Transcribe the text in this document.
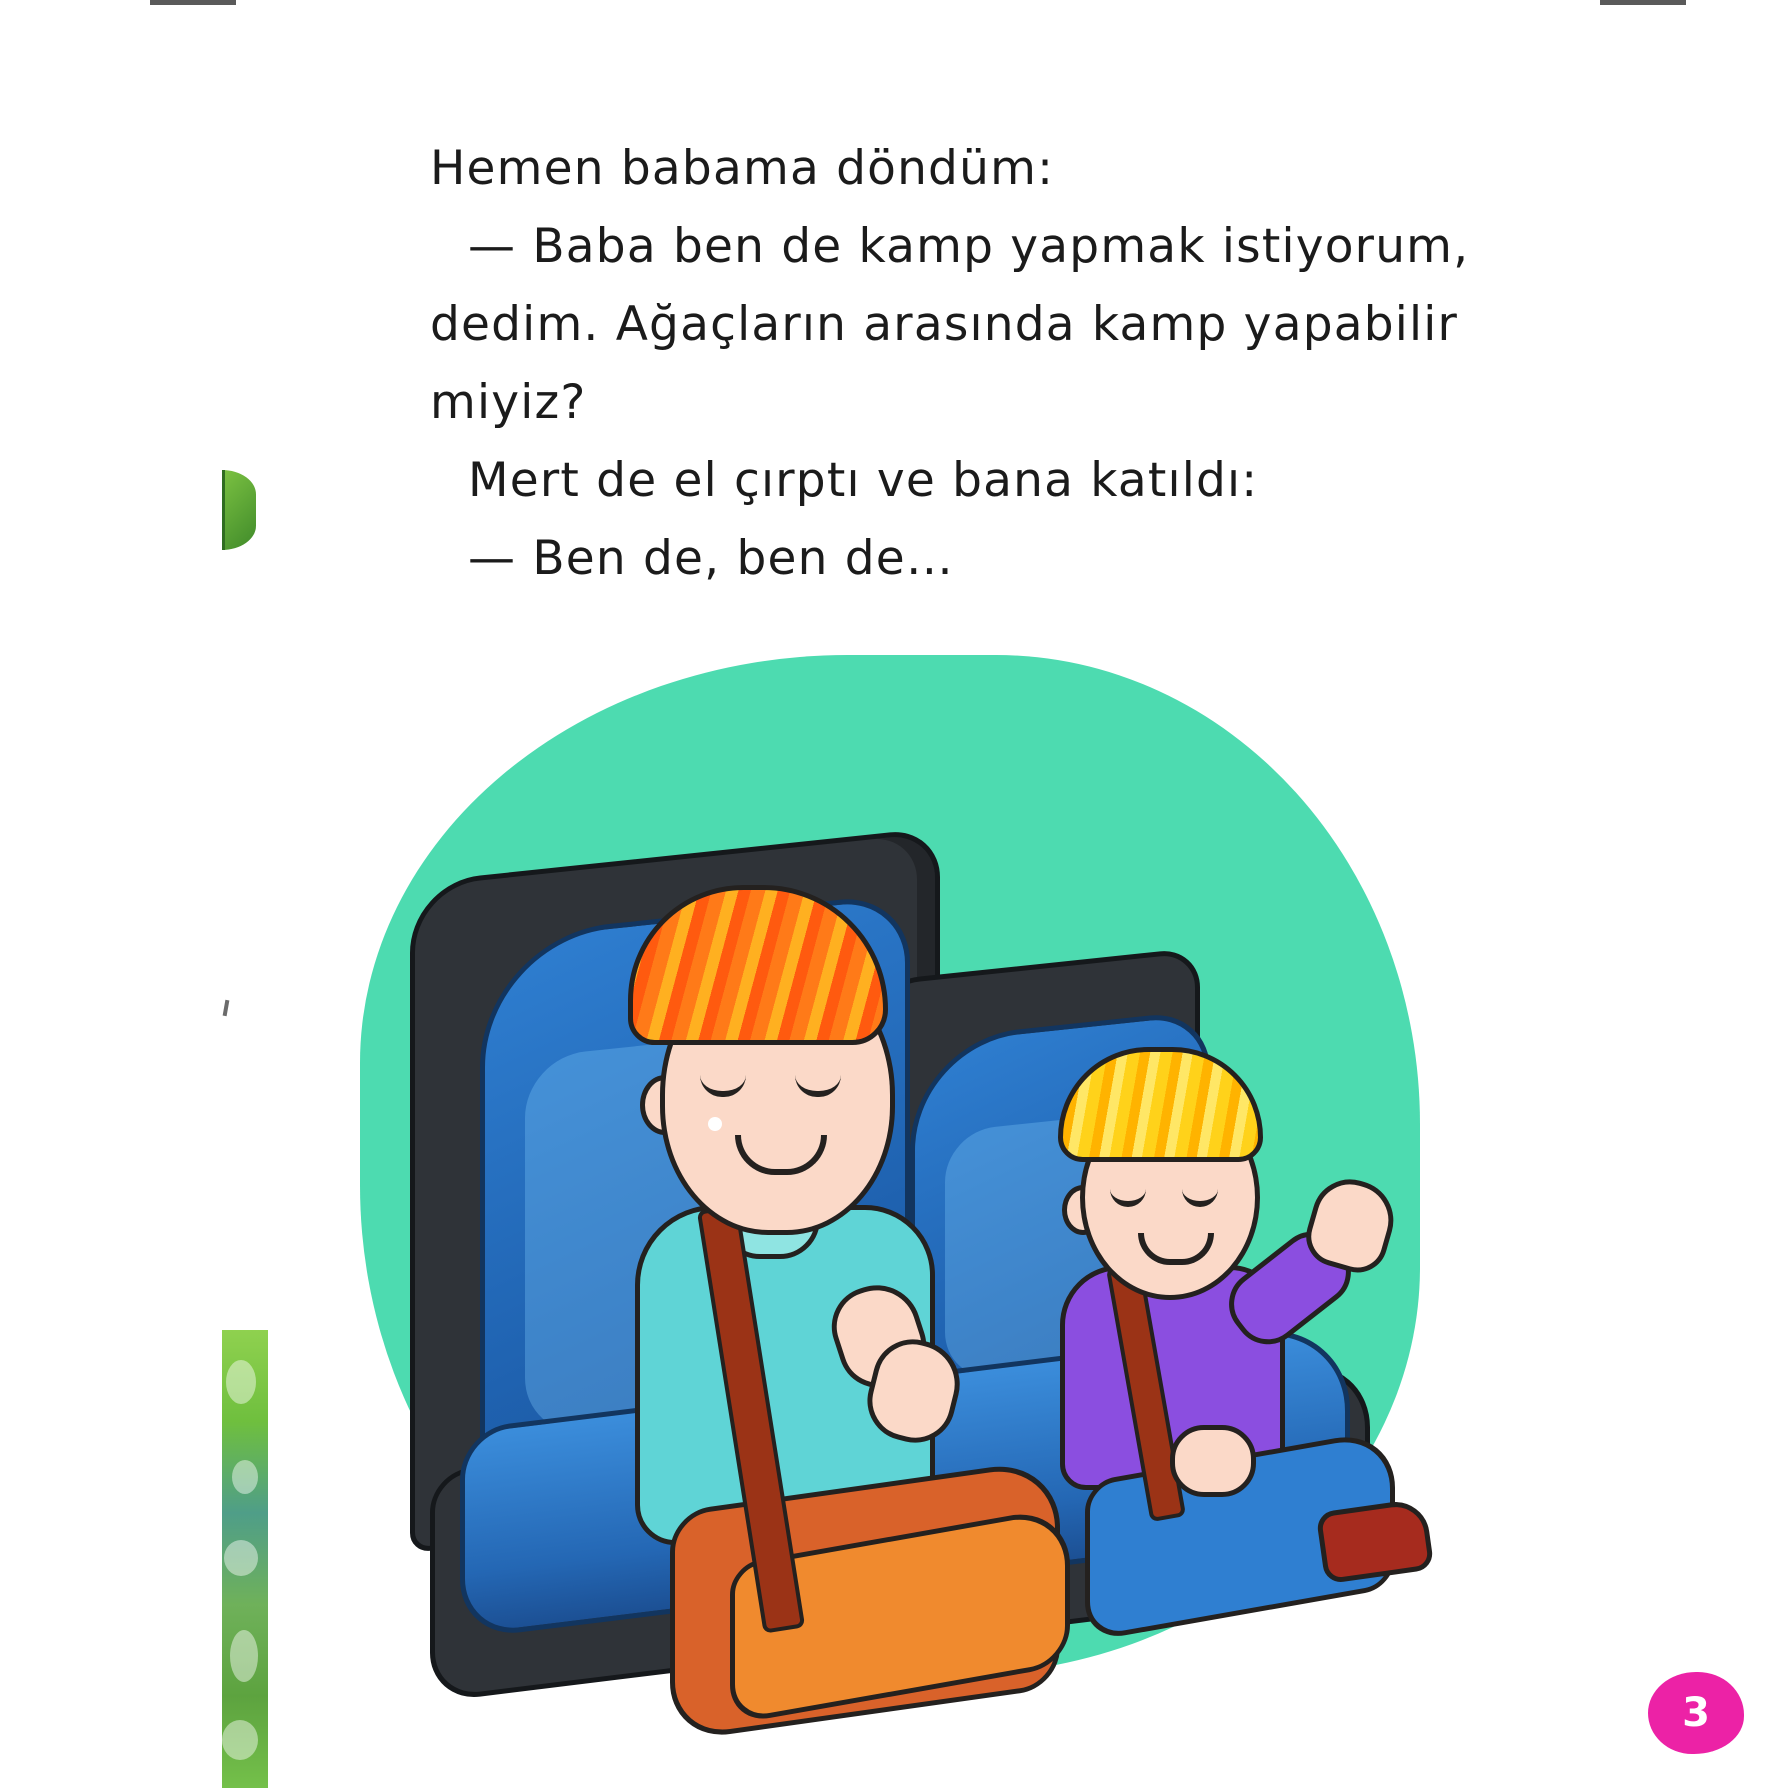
Hemen babama döndüm:
— Baba ben de kamp yapmak istiyorum,
dedim. Ağaçların arasında kamp yapabilir
miyiz?
Mert de el çırptı ve bana katıldı:
— Ben de, ben de…
3
